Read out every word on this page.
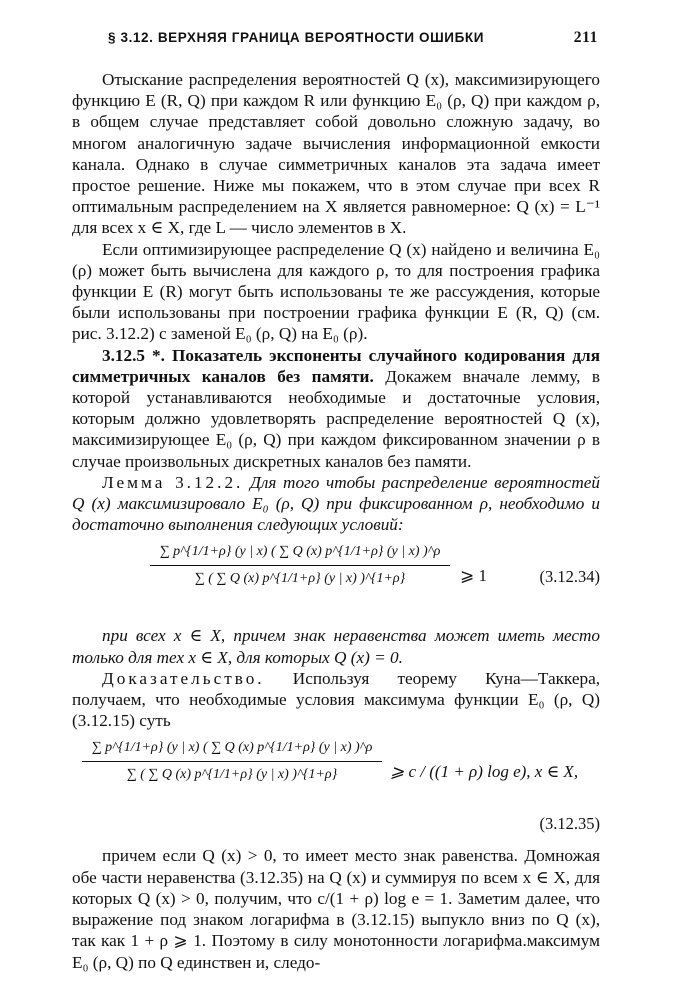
§ 3.12. ВЕРХНЯЯ ГРАНИЦА ВЕРОЯТНОСТИ ОШИБКИ	211

Отыскание распределения вероятностей Q (x), максимизирующего функцию E (R, Q) при каждом R или функцию E₀ (ρ, Q) при каждом ρ, в общем случае представляет собой довольно сложную задачу, во многом аналогичную задаче вычисления информационной емкости канала. Однако в случае симметричных каналов эта задача имеет простое решение. Ниже мы покажем, что в этом случае при всех R оптимальным распределением на X является равномерное: Q (x) = L⁻¹ для всех x ∈ X, где L — число элементов в X.

Если оптимизирующее распределение Q (x) найдено и величина E₀ (ρ) может быть вычислена для каждого ρ, то для построения графика функции E (R) могут быть использованы те же рассуждения, которые были использованы при построении графика функции E (R, Q) (см. рис. 3.12.2) с заменой E₀ (ρ, Q) на E₀ (ρ).

3.12.5 *. Показатель экспоненты случайного кодирования для симметричных каналов без памяти. Докажем вначале лемму, в которой устанавливаются необходимые и достаточные условия, которым должно удовлетворять распределение вероятностей Q (x), максимизирующее E₀ (ρ, Q) при каждом фиксированном значении ρ в случае произвольных дискретных каналов без памяти.

Лемма 3.12.2. Для того чтобы распределение вероятностей Q (x) максимизировало E₀ (ρ, Q) при фиксированном ρ, необходимо и достаточно выполнения следующих условий:

∑ p^{1/1+ρ} (y | x) ( ∑ Q (x) p^{1/1+ρ} (y | x) )^ρ
∑ ( ∑ Q (x) p^{1/1+ρ} (y | x) )^{1+ρ}	⩾ 1	(3.12.34)

при всех x ∈ X, причем знак неравенства может иметь место только для тех x ∈ X, для которых Q (x) = 0.

Доказательство. Используя теорему Куна—Таккера, получаем, что необходимые условия максимума функции E₀ (ρ, Q) (3.12.15) суть

∑ p^{1/1+ρ} (y | x) ( ∑ Q (x) p^{1/1+ρ} (y | x) )^ρ
∑ ( ∑ Q (x) p^{1/1+ρ} (y | x) )^{1+ρ}	⩾ c / ((1 + ρ) log e), x ∈ X,
(3.12.35)

причем если Q (x) > 0, то имеет место знак равенства. Домножая обе части неравенства (3.12.35) на Q (x) и суммируя по всем x ∈ X, для которых Q (x) > 0, получим, что c/(1 + ρ) log e = 1. Заметим далее, что выражение под знаком логарифма в (3.12.15) выпукло вниз по Q (x), так как 1 + ρ ⩾ 1. Поэтому в силу монотонности логарифма.максимум E₀ (ρ, Q) по Q единствен и, следо-
